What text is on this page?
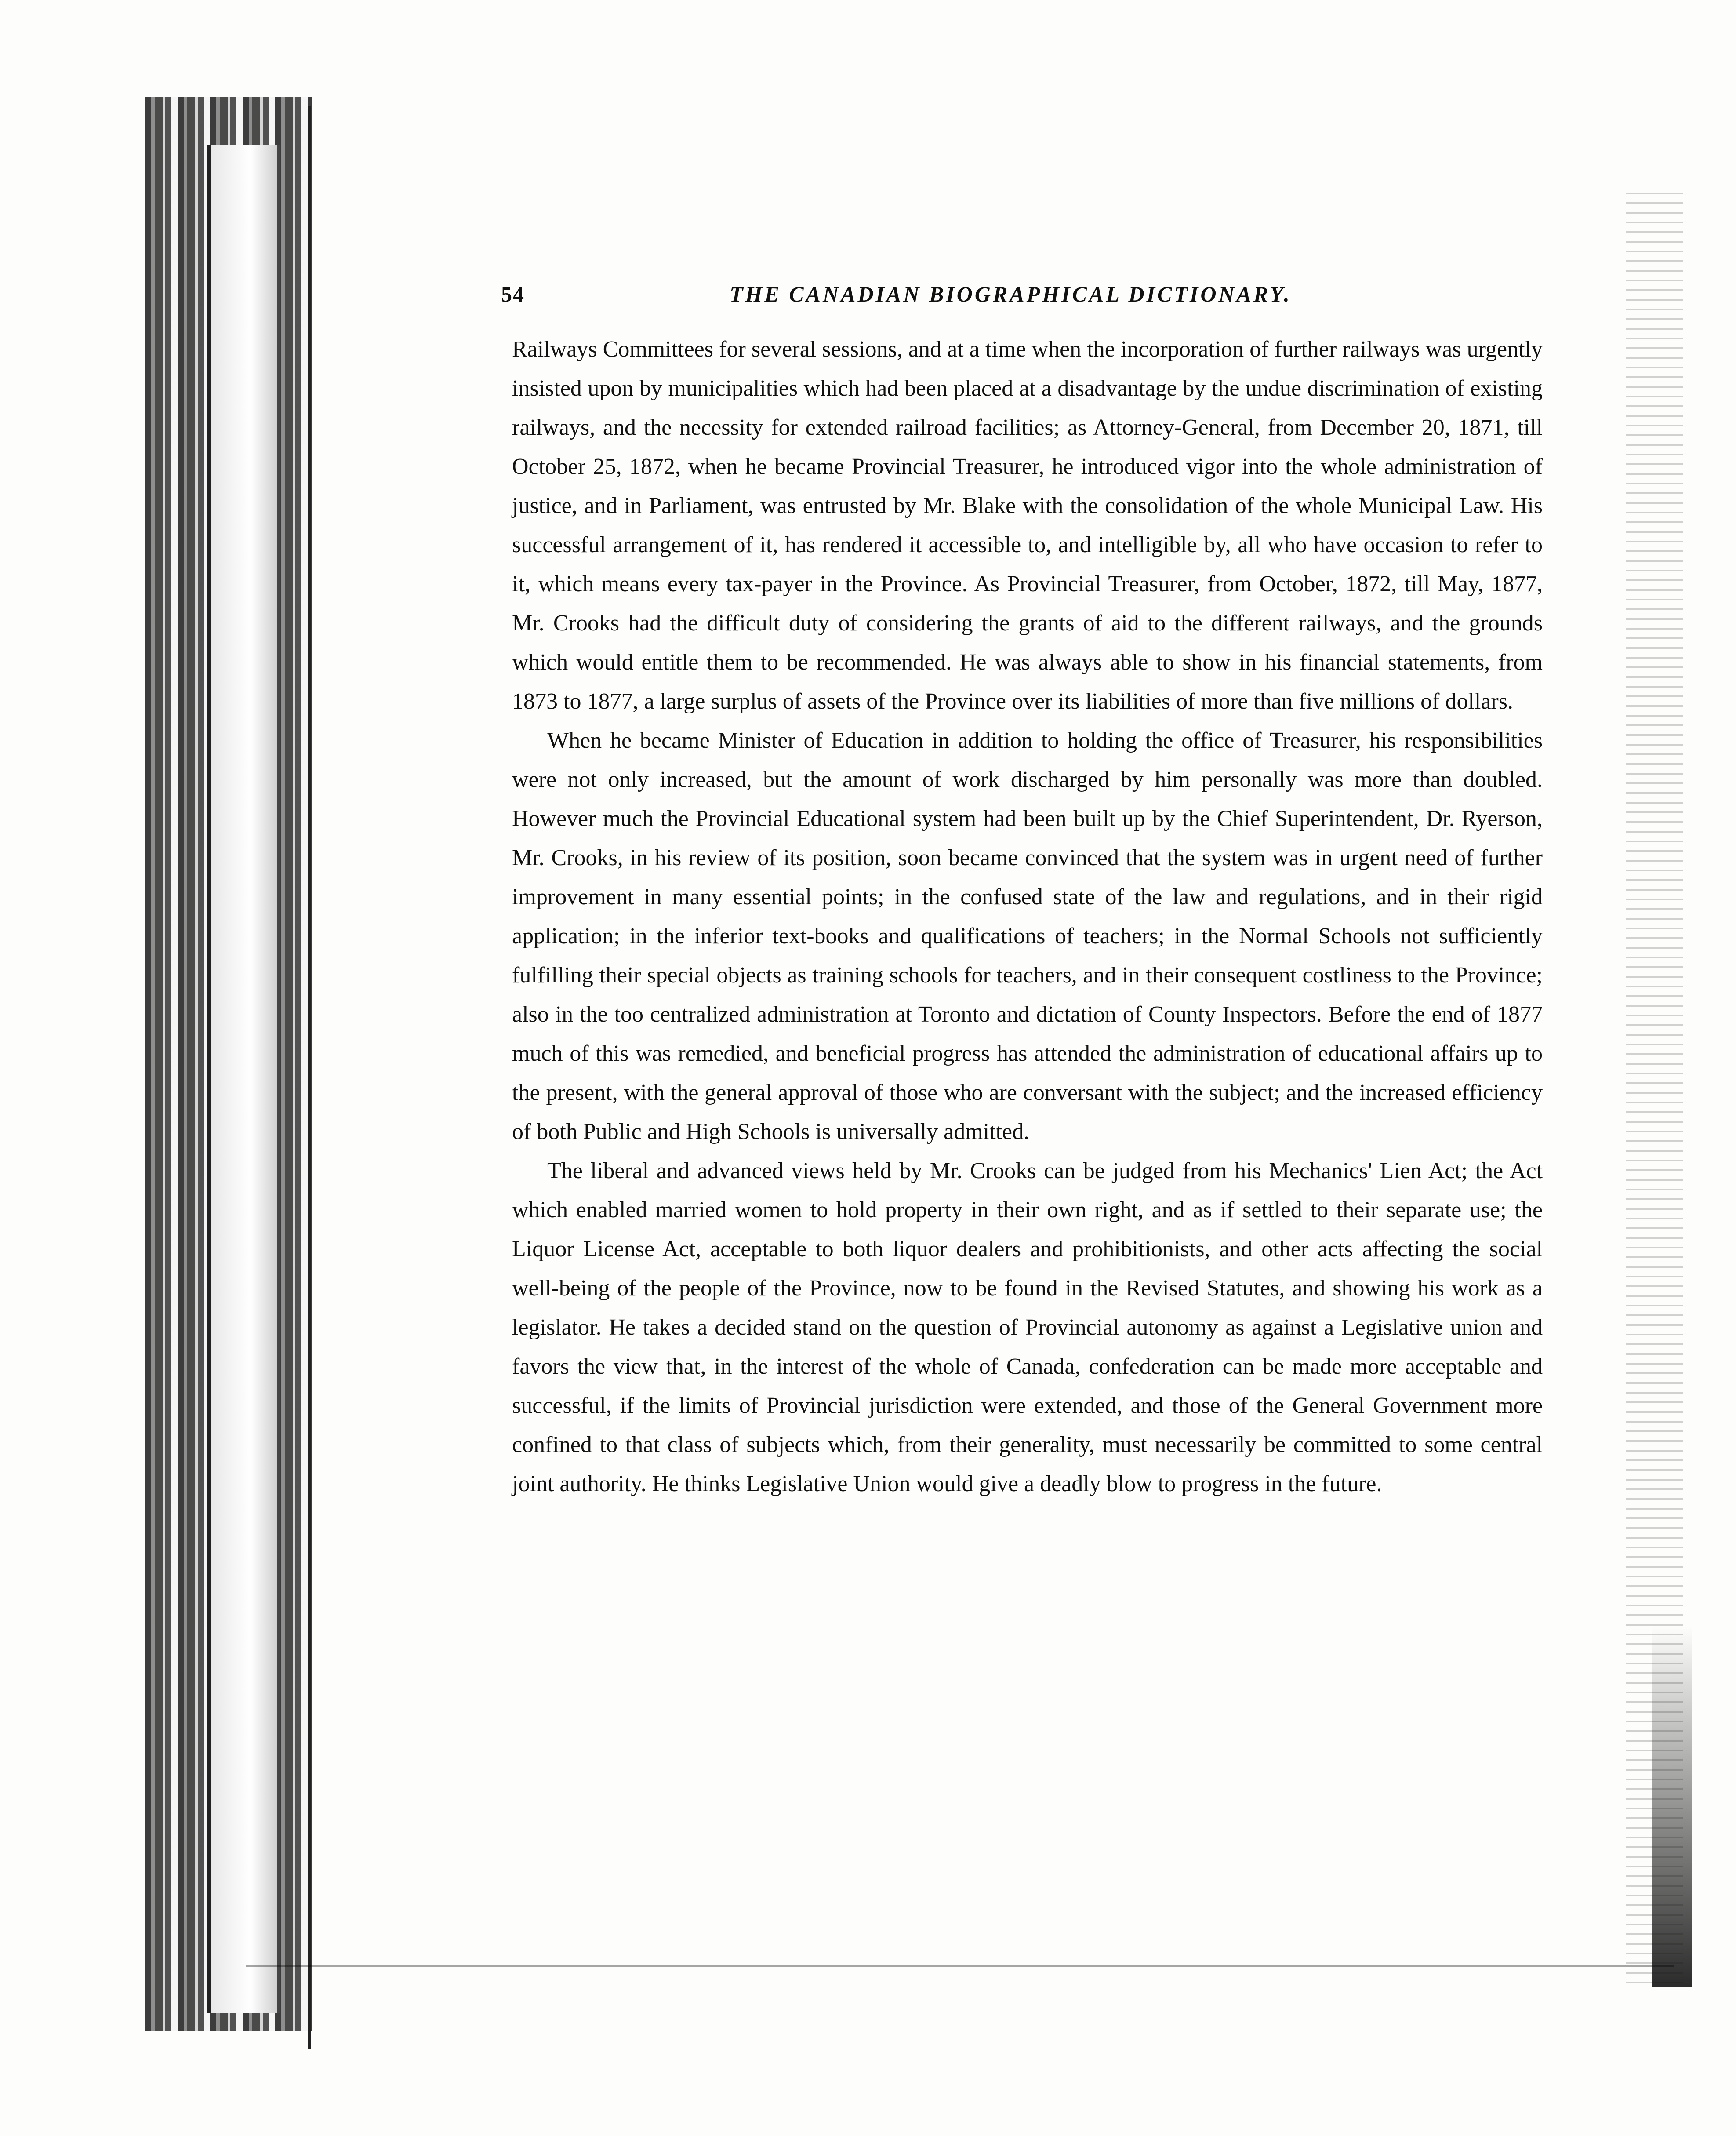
54	THE CANADIAN BIOGRAPHICAL DICTIONARY.

Railways Committees for several sessions, and at a time when the incorporation of further railways was urgently insisted upon by municipalities which had been placed at a disadvantage by the undue discrimination of existing railways, and the necessity for extended railroad facilities; as Attorney-General, from December 20, 1871, till October 25, 1872, when he became Provincial Treasurer, he introduced vigor into the whole administration of justice, and in Parliament, was entrusted by Mr. Blake with the consolidation of the whole Municipal Law. His successful arrangement of it, has rendered it accessible to, and intelligible by, all who have occasion to refer to it, which means every tax-payer in the Province. As Provincial Treasurer, from October, 1872, till May, 1877, Mr. Crooks had the difficult duty of considering the grants of aid to the different railways, and the grounds which would entitle them to be recommended. He was always able to show in his financial statements, from 1873 to 1877, a large surplus of assets of the Province over its liabilities of more than five millions of dollars.

When he became Minister of Education in addition to holding the office of Treasurer, his responsibilities were not only increased, but the amount of work discharged by him personally was more than doubled. However much the Provincial Educational system had been built up by the Chief Superintendent, Dr. Ryerson, Mr. Crooks, in his review of its position, soon became convinced that the system was in urgent need of further improvement in many essential points; in the confused state of the law and regulations, and in their rigid application; in the inferior text-books and qualifications of teachers; in the Normal Schools not sufficiently fulfilling their special objects as training schools for teachers, and in their consequent costliness to the Province; also in the too centralized administration at Toronto and dictation of County Inspectors. Before the end of 1877 much of this was remedied, and beneficial progress has attended the administration of educational affairs up to the present, with the general approval of those who are conversant with the subject; and the increased efficiency of both Public and High Schools is universally admitted.

The liberal and advanced views held by Mr. Crooks can be judged from his Mechanics' Lien Act; the Act which enabled married women to hold property in their own right, and as if settled to their separate use; the Liquor License Act, acceptable to both liquor dealers and prohibitionists, and other acts affecting the social well-being of the people of the Province, now to be found in the Revised Statutes, and showing his work as a legislator. He takes a decided stand on the question of Provincial autonomy as against a Legislative union and favors the view that, in the interest of the whole of Canada, confederation can be made more acceptable and successful, if the limits of Provincial jurisdiction were extended, and those of the General Government more confined to that class of subjects which, from their generality, must necessarily be committed to some central joint authority. He thinks Legislative Union would give a deadly blow to progress in the future.
